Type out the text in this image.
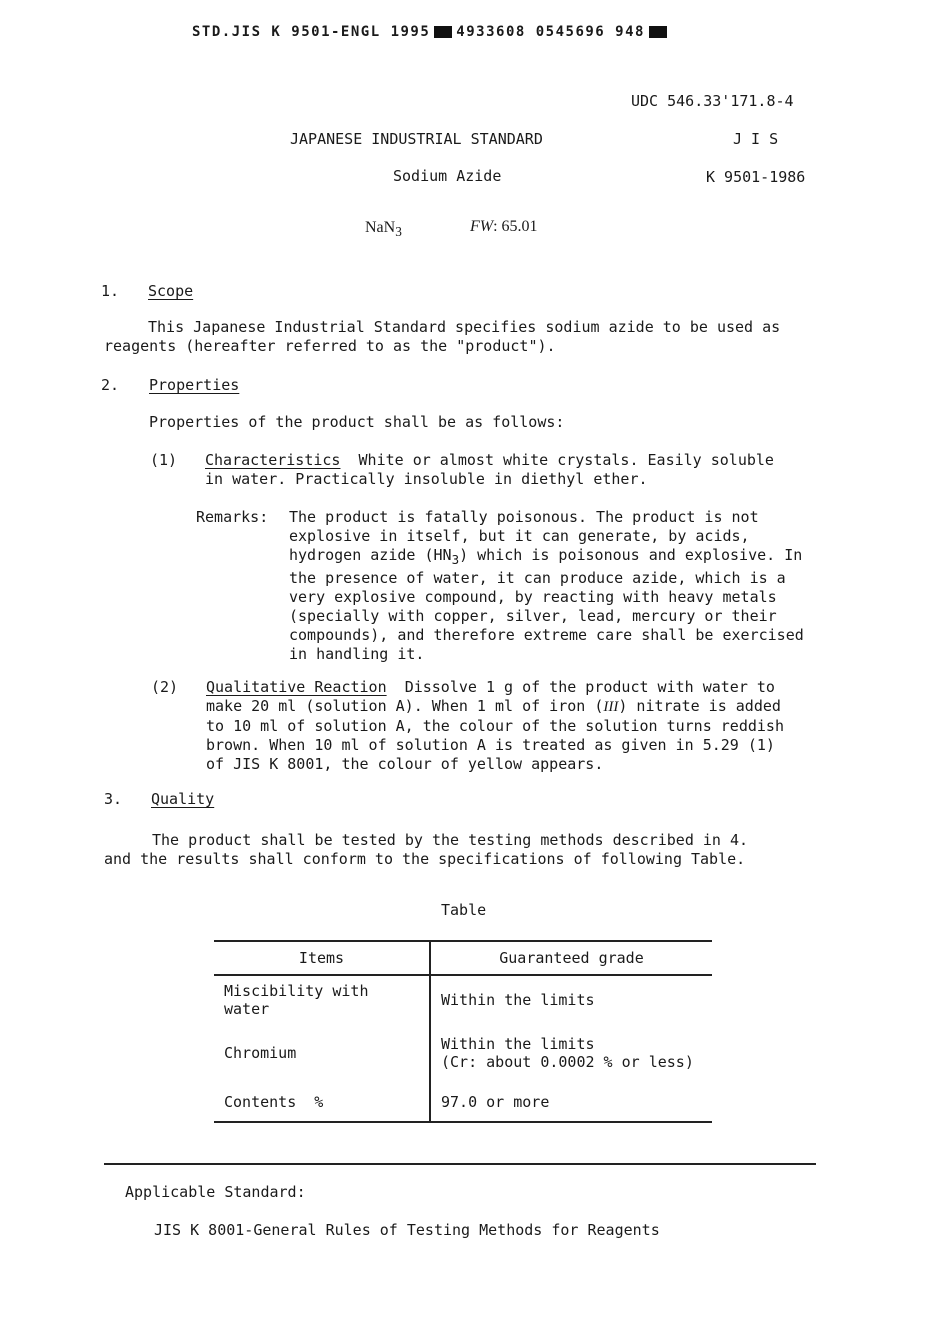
STD.JIS K 9501-ENGL 1995 4933608 0545696 948
UDC 546.33'171.8-4
JAPANESE INDUSTRIAL STANDARD	J I S
Sodium Azide	K 9501-1986
NaN$_3$	FW: 65.01
1. Scope
This Japanese Industrial Standard specifies sodium azide to be used as reagents (hereafter referred to as the "product").
2. Properties
Properties of the product shall be as follows:
(1) Characteristics White or almost white crystals. Easily soluble in water. Practically insoluble in diethyl ether.
Remarks: The product is fatally poisonous. The product is not explosive in itself, but it can generate, by acids, hydrogen azide $(HN_3)$ which is poisonous and explosive. In the presence of water, it can produce azide, which is a very explosive compound, by reacting with heavy metals (specially with copper, silver, lead, mercury or their compounds), and therefore extreme care shall be exercised in handling it.
(2) Qualitative Reaction Dissolve 1 g of the product with water to make 20 ml (solution A). When 1 ml of iron (III) nitrate is added to 10 ml of solution A, the colour of the solution turns reddish brown. When 10 ml of solution A is treated as given in 5.29 (1) of JIS K 8001, the colour of yellow appears.
3. Quality
The product shall be tested by the testing methods described in 4. and the results shall conform to the specifications of following Table.
Table
Items	Guaranteed grade
Miscibility with water	Within the limits
Chromium	Within the limits
(Cr: about 0.0002 % or less)

Contents  %	97.0 or more
Applicable Standard:
JIS K 8001-General Rules of Testing Methods for Reagents
